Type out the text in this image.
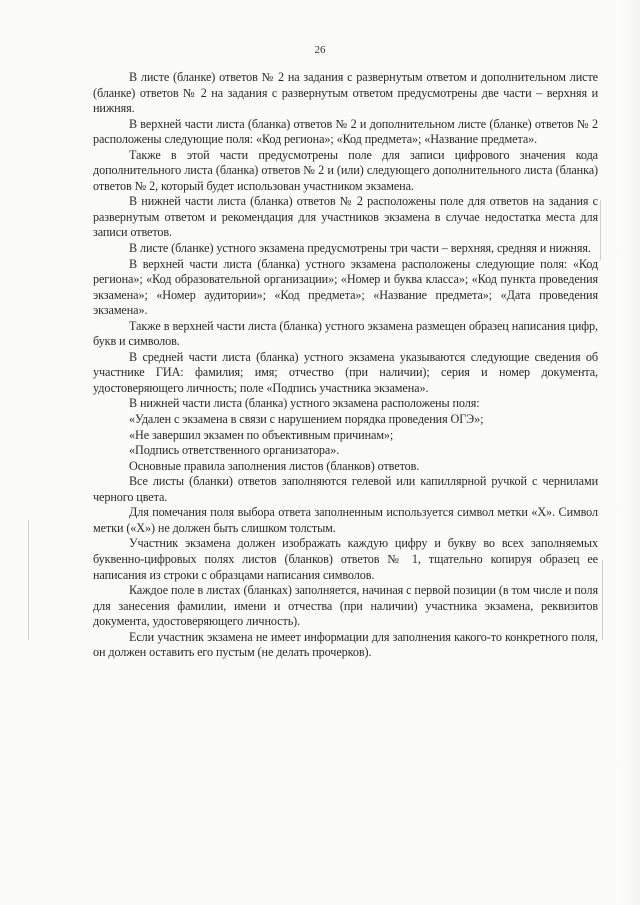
26

В листе (бланке) ответов № 2 на задания с развернутым ответом и дополнительном листе (бланке) ответов № 2 на задания с развернутым ответом предусмотрены две части – верхняя и нижняя.

В верхней части листа (бланка) ответов № 2 и дополнительном листе (бланке) ответов № 2 расположены следующие поля: «Код региона»; «Код предмета»; «Название предмета».

Также в этой части предусмотрены поле для записи цифрового значения кода дополнительного листа (бланка) ответов № 2 и (или) следующего дополнительного листа (бланка) ответов № 2, который будет использован участником экзамена.

В нижней части листа (бланка) ответов № 2 расположены поле для ответов на задания с развернутым ответом и рекомендация для участников экзамена в случае недостатка места для записи ответов.

В листе (бланке) устного экзамена предусмотрены три части – верхняя, средняя и нижняя.

В верхней части листа (бланка) устного экзамена расположены следующие поля: «Код региона»; «Код образовательной организации»; «Номер и буква класса»; «Код пункта проведения экзамена»; «Номер аудитории»; «Код предмета»; «Название предмета»; «Дата проведения экзамена».

Также в верхней части листа (бланка) устного экзамена размещен образец написания цифр, букв и символов.

В средней части листа (бланка) устного экзамена указываются следующие сведения об участнике ГИА: фамилия; имя; отчество (при наличии); серия и номер документа, удостоверяющего личность; поле «Подпись участника экзамена».

В нижней части листа (бланка) устного экзамена расположены поля:

«Удален с экзамена в связи с нарушением порядка проведения ОГЭ»;

«Не завершил экзамен по объективным причинам»;

«Подпись ответственного организатора».

Основные правила заполнения листов (бланков) ответов.

Все листы (бланки) ответов заполняются гелевой или капиллярной ручкой с чернилами черного цвета.

Для помечания поля выбора ответа заполненным используется символ метки «Х». Символ метки («Х») не должен быть слишком толстым.

Участник экзамена должен изображать каждую цифру и букву во всех заполняемых буквенно-цифровых полях листов (бланков) ответов № 1, тщательно копируя образец ее написания из строки с образцами написания символов.

Каждое поле в листах (бланках) заполняется, начиная с первой позиции (в том числе и поля для занесения фамилии, имени и отчества (при наличии) участника экзамена, реквизитов документа, удостоверяющего личность).

Если участник экзамена не имеет информации для заполнения какого-то конкретного поля, он должен оставить его пустым (не делать прочерков).
